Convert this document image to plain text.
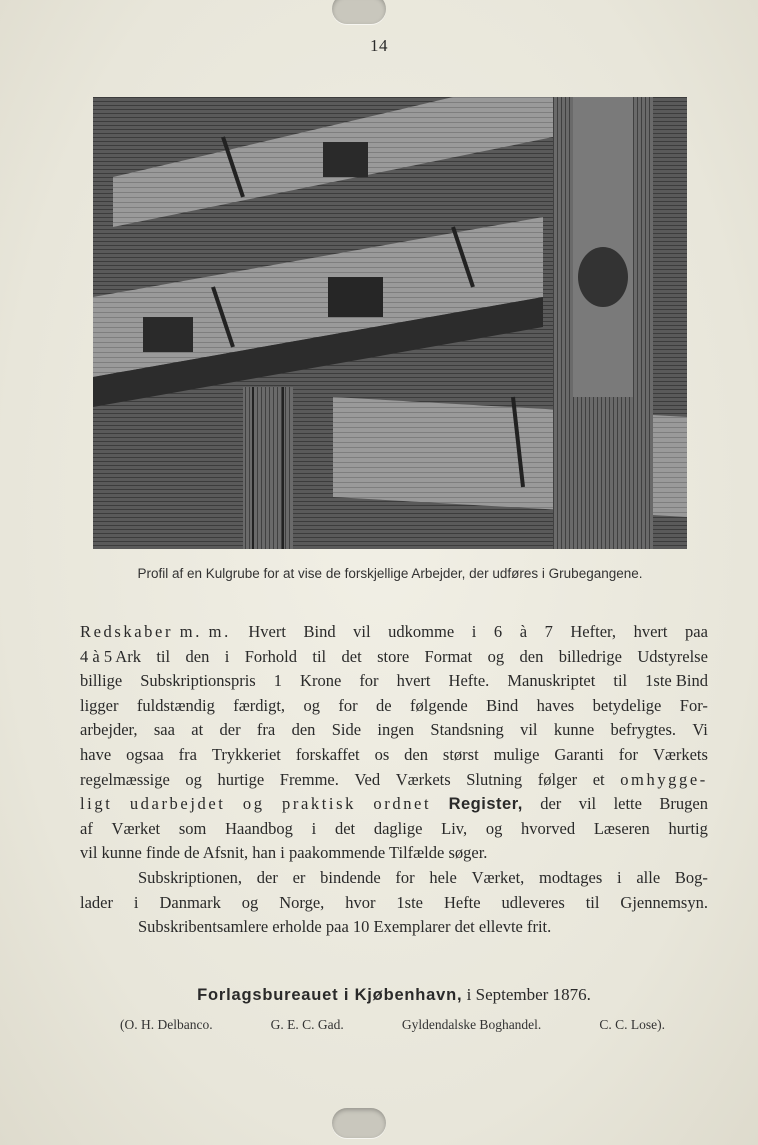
14
Profil af en Kulgrube for at vise de forskjellige Arbejder, der udføres i Grubegangene.
Redskaber m. m. Hvert Bind vil udkomme i 6 à 7 Hefter, hvert paa
4 à 5 Ark til den i Forhold til det store Format og den billedrige Udstyrelse
billige Subskriptionspris 1 Krone for hvert Hefte. Manuskriptet til 1ste Bind
ligger fuldstændig færdigt, og for de følgende Bind haves betydelige For-
arbejder, saa at der fra den Side ingen Standsning vil kunne befrygtes. Vi
have ogsaa fra Trykkeriet forskaffet os den størst mulige Garanti for Værkets
regelmæssige og hurtige Fremme. Ved Værkets Slutning følger et omhygge-
ligt udarbejdet og praktisk ordnet Register, der vil lette Brugen
af Værket som Haandbog i det daglige Liv, og hvorved Læseren hurtig
vil kunne finde de Afsnit, han i paakommende Tilfælde søger.
Subskriptionen, der er bindende for hele Værket, modtages i alle Bog-
lader i Danmark og Norge, hvor 1ste Hefte udleveres til Gjennemsyn.
Subskribentsamlere erholde paa 10 Exemplarer det ellevte frit.
Forlagsbureauet i Kjøbenhavn, i September 1876.
(O. H. Delbanco.	G. E. C. Gad.	Gyldendalske Boghandel.	C. C. Lose).
